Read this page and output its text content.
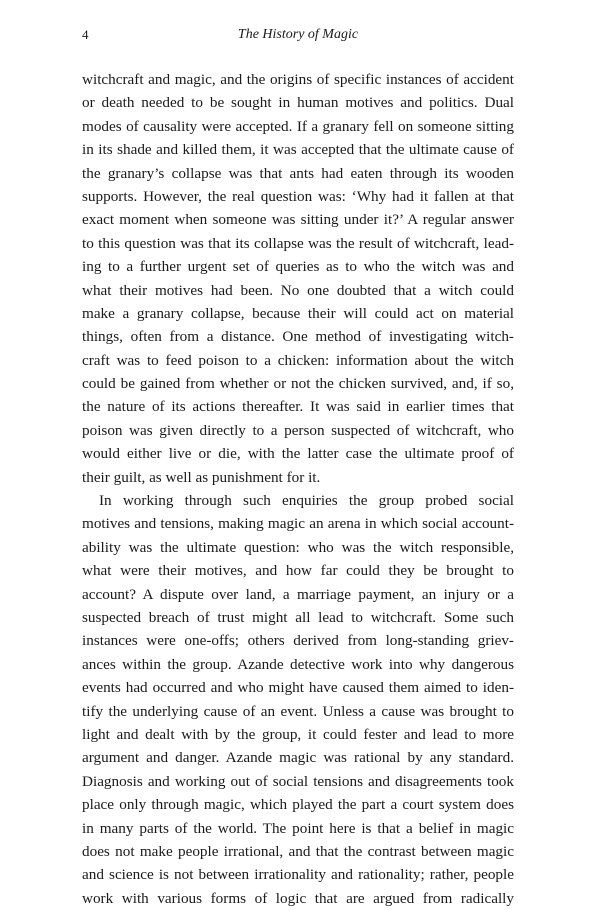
4	The History of Magic
witchcraft and magic, and the origins of specific instances of accident
or death needed to be sought in human motives and politics. Dual
modes of causality were accepted. If a granary fell on someone sitting
in its shade and killed them, it was accepted that the ultimate cause of
the granary’s collapse was that ants had eaten through its wooden
supports. However, the real question was: ‘Why had it fallen at that
exact moment when someone was sitting under it?’ A regular answer
to this question was that its collapse was the result of witchcraft, lead-
ing to a further urgent set of queries as to who the witch was and
what their motives had been. No one doubted that a witch could
make a granary collapse, because their will could act on material
things, often from a distance. One method of investigating witch-
craft was to feed poison to a chicken: information about the witch
could be gained from whether or not the chicken survived, and, if so,
the nature of its actions thereafter. It was said in earlier times that
poison was given directly to a person suspected of witchcraft, who
would either live or die, with the latter case the ultimate proof of
their guilt, as well as punishment for it.
In working through such enquiries the group probed social
motives and tensions, making magic an arena in which social account-
ability was the ultimate question: who was the witch responsible,
what were their motives, and how far could they be brought to
account? A dispute over land, a marriage payment, an injury or a
suspected breach of trust might all lead to witchcraft. Some such
instances were one-offs; others derived from long-standing griev-
ances within the group. Azande detective work into why dangerous
events had occurred and who might have caused them aimed to iden-
tify the underlying cause of an event. Unless a cause was brought to
light and dealt with by the group, it could fester and lead to more
argument and danger. Azande magic was rational by any standard.
Diagnosis and working out of social tensions and disagreements took
place only through magic, which played the part a court system does
in many parts of the world. The point here is that a belief in magic
does not make people irrational, and that the contrast between magic
and science is not between irrationality and rationality; rather, people
work with various forms of logic that are argued from radically
